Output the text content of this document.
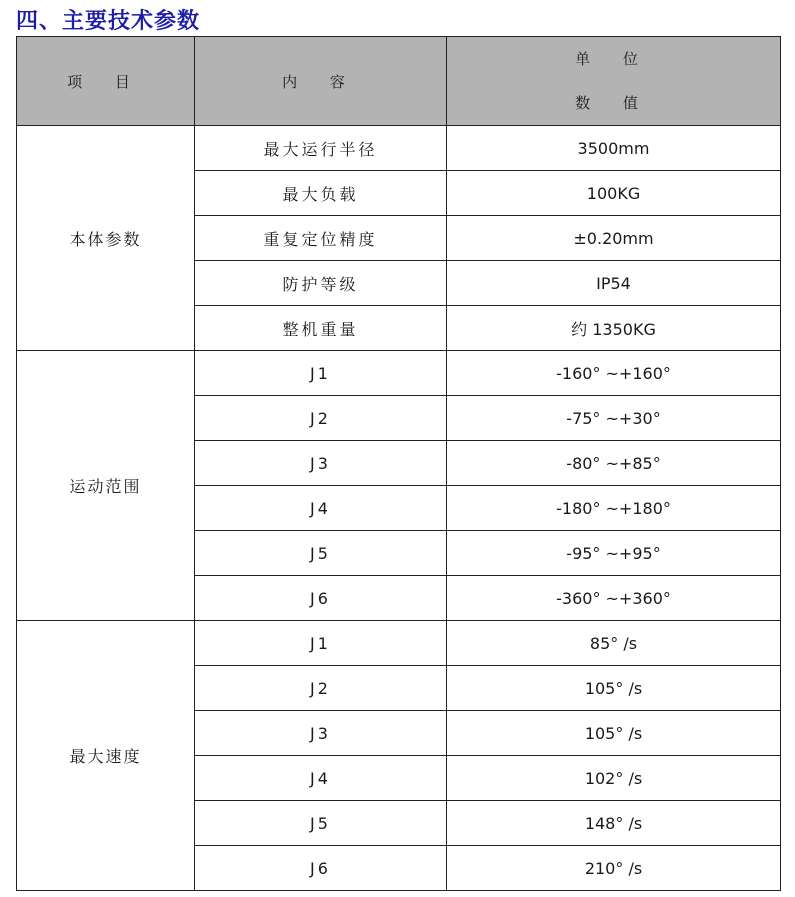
四、主要技术参数
项 目	内 容	单 位
数 值

本体参数	最大运行半径	3500mm
	最大负载	100KG
	重复定位精度	±0.20mm
	防护等级	IP54
	整机重量	约 1350KG
运动范围	J1	-160° ~+160°
	J2	-75° ~+30°
	J3	-80° ~+85°
	J4	-180° ~+180°
	J5	-95° ~+95°
	J6	-360° ~+360°
最大速度	J1	85° /s
	J2	105° /s
	J3	105° /s
	J4	102° /s
	J5	148° /s
	J6	210° /s
